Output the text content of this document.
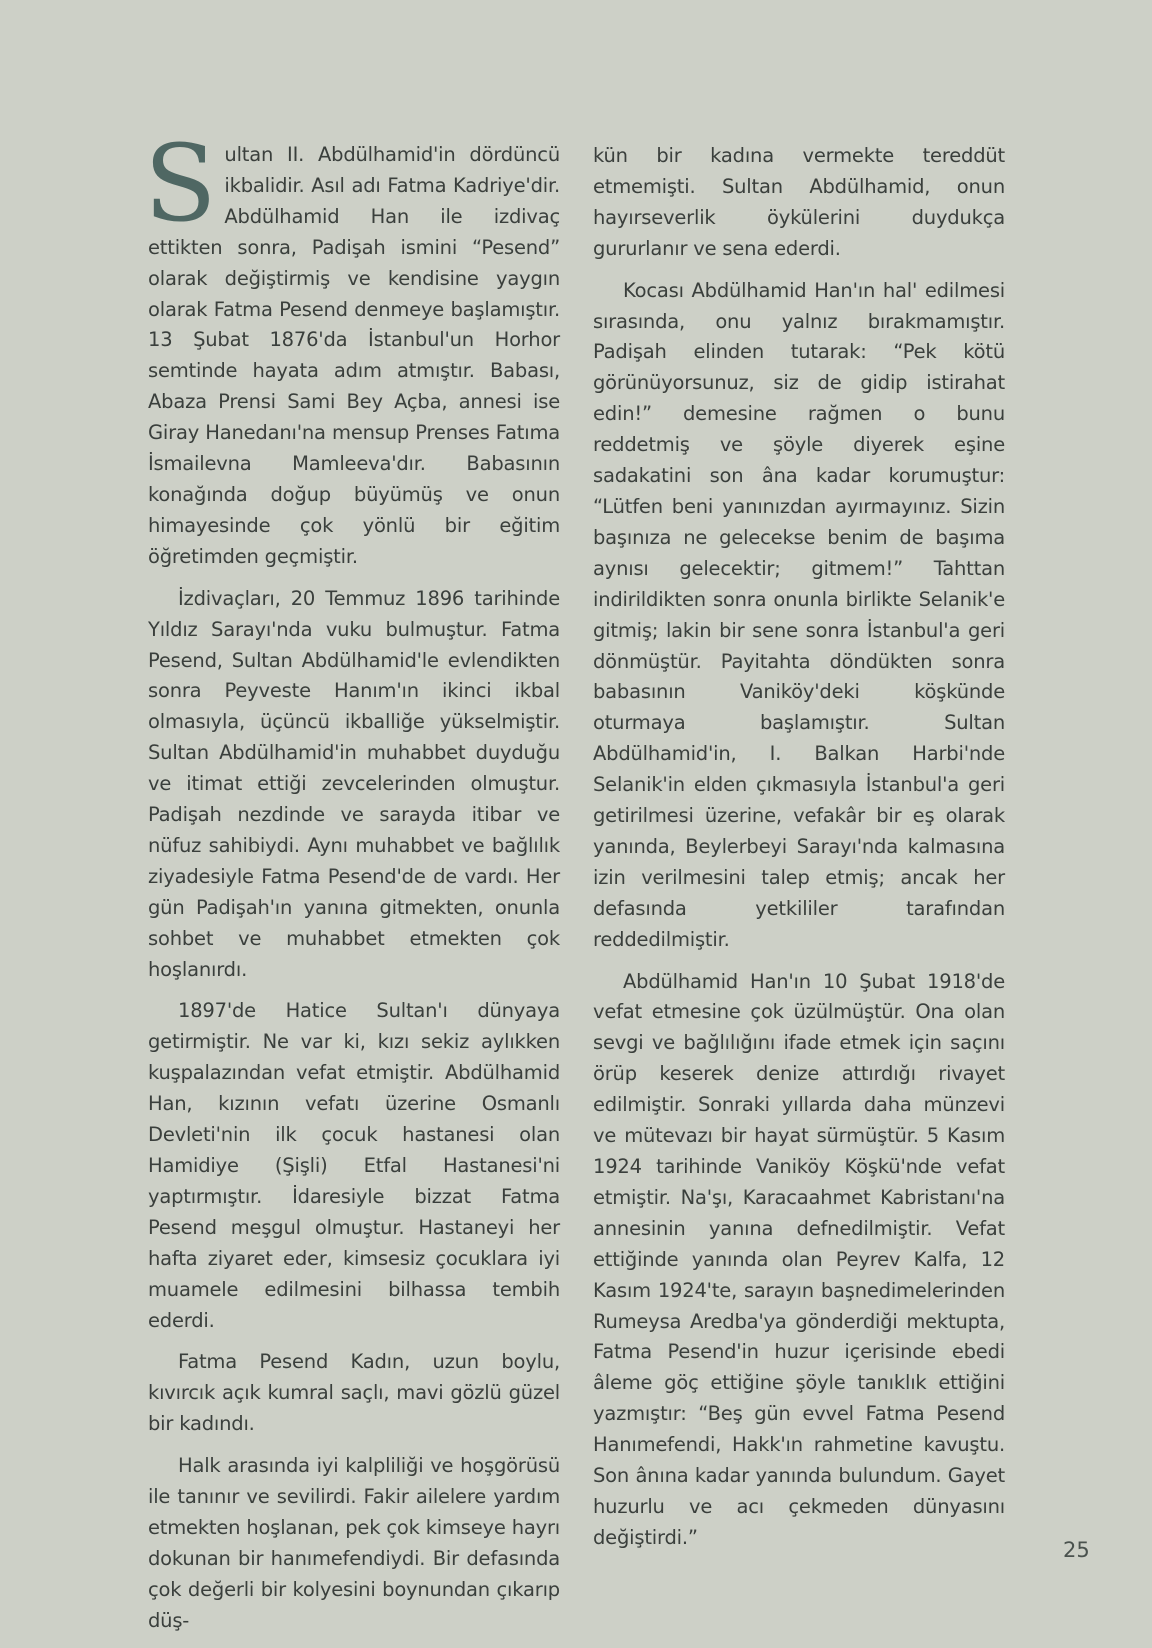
Sultan II. Abdülhamid'in dördüncü ikbalidir. Asıl adı Fatma Kadriye'dir. Abdülhamid Han ile izdivaç ettikten sonra, Padişah ismini “Pesend” olarak değiştirmiş ve kendisine yaygın olarak Fatma Pesend denmeye başlamıştır. 13 Şubat 1876'da İstanbul'un Horhor semtinde hayata adım atmıştır. Babası, Abaza Prensi Sami Bey Açba, annesi ise Giray Hanedanı'na mensup Prenses Fatıma İsmailevna Mamleeva'dır. Babasının konağında doğup büyümüş ve onun himayesinde çok yönlü bir eğitim öğretimden geçmiştir.

İzdivaçları, 20 Temmuz 1896 tarihinde Yıldız Sarayı'nda vuku bulmuştur. Fatma Pesend, Sultan Abdülhamid'le evlendikten sonra Peyveste Hanım'ın ikinci ikbal olmasıyla, üçüncü ikballiğe yükselmiştir. Sultan Abdülhamid'in muhabbet duyduğu ve itimat ettiği zevcelerinden olmuştur. Padişah nezdinde ve sarayda itibar ve nüfuz sahibiydi. Aynı muhabbet ve bağlılık ziyadesiyle Fatma Pesend'de de vardı. Her gün Padişah'ın yanına gitmekten, onunla sohbet ve muhabbet etmekten çok hoşlanırdı.

1897'de Hatice Sultan'ı dünyaya getirmiştir. Ne var ki, kızı sekiz aylıkken kuşpalazından vefat etmiştir. Abdülhamid Han, kızının vefatı üzerine Osmanlı Devleti'nin ilk çocuk hastanesi olan Hamidiye (Şişli) Etfal Hastanesi'ni yaptırmıştır. İdaresiyle bizzat Fatma Pesend meşgul olmuştur. Hastaneyi her hafta ziyaret eder, kimsesiz çocuklara iyi muamele edilmesini bilhassa tembih ederdi.

Fatma Pesend Kadın, uzun boylu, kıvırcık açık kumral saçlı, mavi gözlü güzel bir kadındı.

Halk arasında iyi kalpliliği ve hoşgörüsü ile tanınır ve sevilirdi. Fakir ailelere yardım etmekten hoşlanan, pek çok kimseye hayrı dokunan bir hanımefendiydi. Bir defasında çok değerli bir kolyesini boynundan çıkarıp düş-

kün bir kadına vermekte tereddüt etmemişti. Sultan Abdülhamid, onun hayırseverlik öykülerini duydukça gururlanır ve sena ederdi.

Kocası Abdülhamid Han'ın hal' edilmesi sırasında, onu yalnız bırakmamıştır. Padişah elinden tutarak: “Pek kötü görünüyorsunuz, siz de gidip istirahat edin!” demesine rağmen o bunu reddetmiş ve şöyle diyerek eşine sadakatini son âna kadar korumuştur: “Lütfen beni yanınızdan ayırmayınız. Sizin başınıza ne gelecekse benim de başıma aynısı gelecektir; gitmem!” Tahttan indirildikten sonra onunla birlikte Selanik'e gitmiş; lakin bir sene sonra İstanbul'a geri dönmüştür. Payitahta döndükten sonra babasının Vaniköy'deki köşkünde oturmaya başlamıştır. Sultan Abdülhamid'in, I. Balkan Harbi'nde Selanik'in elden çıkmasıyla İstanbul'a geri getirilmesi üzerine, vefakâr bir eş olarak yanında, Beylerbeyi Sarayı'nda kalmasına izin verilmesini talep etmiş; ancak her defasında yetkililer tarafından reddedilmiştir.

Abdülhamid Han'ın 10 Şubat 1918'de vefat etmesine çok üzülmüştür. Ona olan sevgi ve bağlılığını ifade etmek için saçını örüp keserek denize attırdığı rivayet edilmiştir. Sonraki yıllarda daha münzevi ve mütevazı bir hayat sürmüştür. 5 Kasım 1924 tarihinde Vaniköy Köşkü'nde vefat etmiştir. Na'şı, Karacaahmet Kabristanı'na annesinin yanına defnedilmiştir. Vefat ettiğinde yanında olan Peyrev Kalfa, 12 Kasım 1924'te, sarayın başnedimelerinden Rumeysa Aredba'ya gönderdiği mektupta, Fatma Pesend'in huzur içerisinde ebedi âleme göç ettiğine şöyle tanıklık ettiğini yazmıştır: “Beş gün evvel Fatma Pesend Hanımefendi, Hakk'ın rahmetine kavuştu. Son ânına kadar yanında bulundum. Gayet huzurlu ve acı çekmeden dünyasını değiştirdi.”

25
